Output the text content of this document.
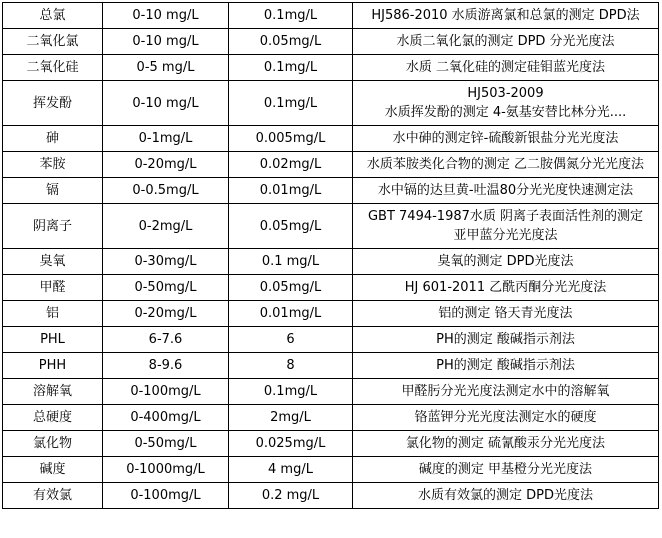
总氯	0-10 mg/L	0.1mg/L	HJ586-2010 水质游离氯和总氯的测定 DPD法

二氧化氯	0-10 mg/L	0.05mg/L	水质二氧化氯的测定 DPD 分光光度法

二氧化硅	0-5 mg/L	0.1mg/L	水质 二氧化硅的测定硅钼蓝光度法

挥发酚	0-10 mg/L	0.1mg/L	HJ503-2009
水质挥发酚的测定 4-氨基安替比林分光....

砷	0-1mg/L	0.005mg/L	水中砷的测定锌-硫酸新银盐分光光度法

苯胺	0-20mg/L	0.02mg/L	水质苯胺类化合物的测定 乙二胺偶氮分光光度法

镉	0-0.5mg/L	0.01mg/L	水中镉的达旦黄-吐温80分光光度快速测定法

阴离子	0-2mg/L	0.05mg/L	GBT 7494-1987水质 阴离子表面活性剂的测定
亚甲蓝分光光度法

臭氧	0-30mg/L	0.1 mg/L	臭氧的测定 DPD光度法

甲醛	0-50mg/L	0.05mg/L	HJ 601-2011 乙酰丙酮分光光度法

铝	0-20mg/L	0.01mg/L	铝的测定 铬天青光度法

PHL	6-7.6	6	PH的测定 酸碱指示剂法

PHH	8-9.6	8	PH的测定 酸碱指示剂法

溶解氧	0-100mg/L	0.1mg/L	甲醛肟分光光度法测定水中的溶解氧

总硬度	0-400mg/L	2mg/L	铬蓝钾分光光度法测定水的硬度

氯化物	0-50mg/L	0.025mg/L	氯化物的测定 硫氰酸汞分光光度法

碱度	0-1000mg/L	4 mg/L	碱度的测定 甲基橙分光光度法

有效氯	0-100mg/L	0.2 mg/L	水质有效氯的测定 DPD光度法
